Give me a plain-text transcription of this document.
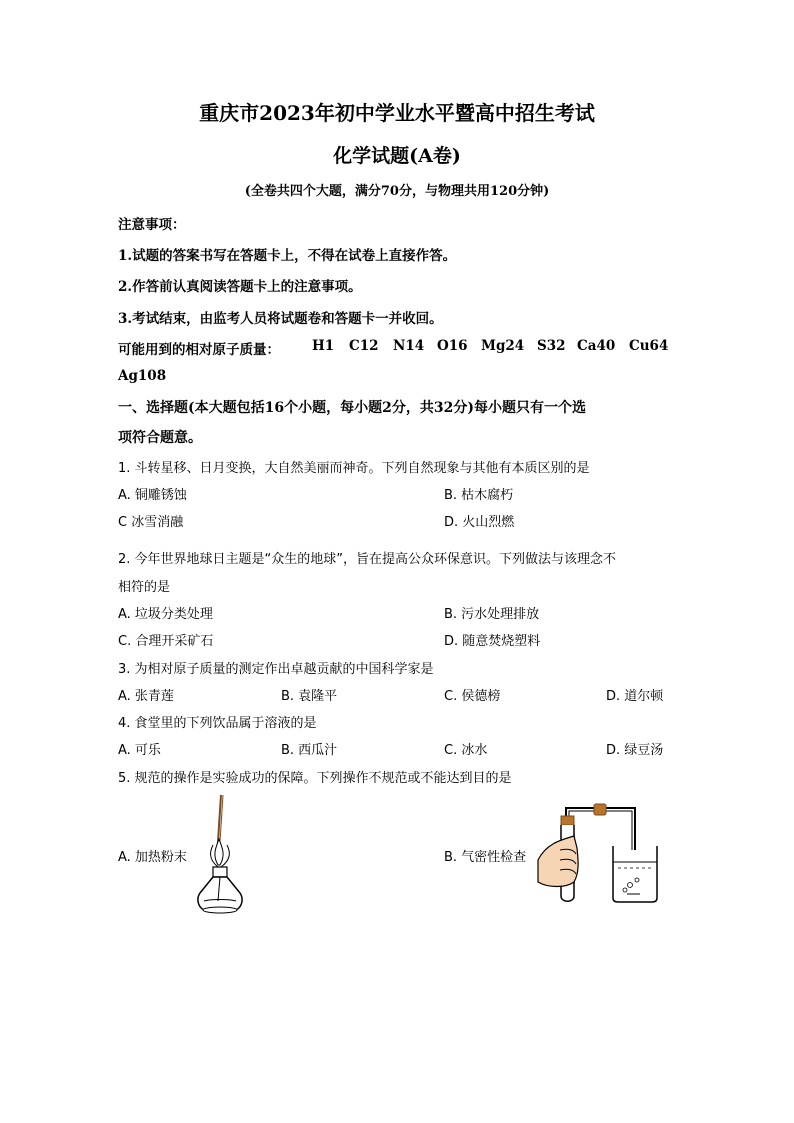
重庆市2023年初中学业水平暨高中招生考试
化学试题(A卷)
(全卷共四个大题，满分70分，与物理共用120分钟)
注意事项：
1.试题的答案书写在答题卡上，不得在试卷上直接作答。
2.作答前认真阅读答题卡上的注意事项。
3.考试结束，由监考人员将试题卷和答题卡一并收回。
可能用到的相对原子质量： H1 C12 N14 O16 Mg24 S32 Ca40 Cu64
Ag108
一、选择题(本大题包括16个小题，每小题2分，共32分)每小题只有一个选
项符合题意。
1. 斗转星移、日月变换，大自然美丽而神奇。下列自然现象与其他有本质区别的是
A. 铜雕锈蚀	B. 枯木腐朽
C 冰雪消融	D. 火山烈燃
2. 今年世界地球日主题是“众生的地球”，旨在提高公众环保意识。下列做法与该理念不
相符的是
A. 垃圾分类处理	B. 污水处理排放
C. 合理开采矿石	D. 随意焚烧塑料
3. 为相对原子质量的测定作出卓越贡献的中国科学家是
A. 张青莲	B. 袁隆平	C. 侯德榜	D. 道尔顿
4. 食堂里的下列饮品属于溶液的是
A. 可乐	B. 西瓜汁	C. 冰水	D. 绿豆汤
5. 规范的操作是实验成功的保障。下列操作不规范或不能达到目的是
A. 加热粉末	B. 气密性检查
